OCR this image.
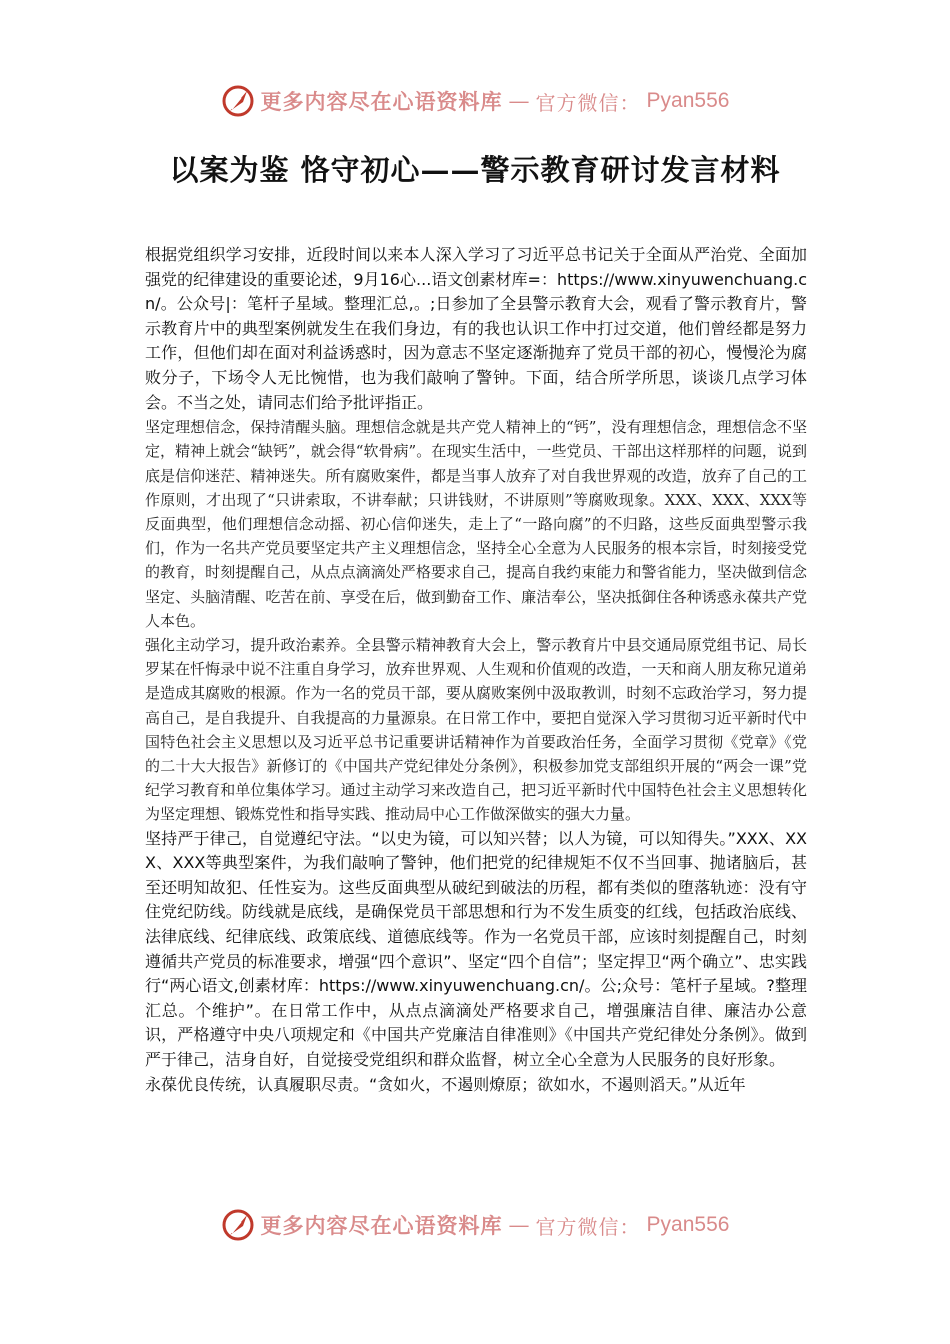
更多内容尽在心语资料库 — 官方微信： Pyan556
以案为鉴 恪守初心——警示教育研讨发言材料

根据党组织学习安排，近段时间以来本人深入学习了习近平总书记关于全面从严治党、全面加强党的纪律建设的重要论述，9月16心...语文创素材库=：https://www.xinyuwenchuang.cn/。公众号|：笔杆子星域。整理汇总,。;日参加了全县警示教育大会，观看了警示教育片，警示教育片中的典型案例就发生在我们身边，有的我也认识工作中打过交道，他们曾经都是努力工作，但他们却在面对利益诱惑时，因为意志不坚定逐渐抛弃了党员干部的初心，慢慢沦为腐败分子，下场令人无比惋惜，也为我们敲响了警钟。下面，结合所学所思，谈谈几点学习体会。不当之处，请同志们给予批评指正。

坚定理想信念，保持清醒头脑。理想信念就是共产党人精神上的“钙”，没有理想信念，理想信念不坚定，精神上就会“缺钙”，就会得“软骨病”。在现实生活中，一些党员、干部出这样那样的问题，说到底是信仰迷茫、精神迷失。所有腐败案件，都是当事人放弃了对自我世界观的改造，放弃了自己的工作原则，才出现了“只讲索取，不讲奉献；只讲钱财，不讲原则”等腐败现象。XXX、XXX、XXX等反面典型，他们理想信念动摇、初心信仰迷失，走上了“一路向腐”的不归路，这些反面典型警示我们，作为一名共产党员要坚定共产主义理想信念，坚持全心全意为人民服务的根本宗旨，时刻接受党的教育，时刻提醒自己，从点点滴滴处严格要求自己，提高自我约束能力和警省能力，坚决做到信念坚定、头脑清醒、吃苦在前、享受在后，做到勤奋工作、廉洁奉公，坚决抵御住各种诱惑永葆共产党人本色。

强化主动学习，提升政治素养。全县警示精神教育大会上，警示教育片中县交通局原党组书记、局长罗某在忏悔录中说不注重自身学习，放弃世界观、人生观和价值观的改造，一天和商人朋友称兄道弟是造成其腐败的根源。作为一名的党员干部，要从腐败案例中汲取教训，时刻不忘政治学习，努力提高自己，是自我提升、自我提高的力量源泉。在日常工作中，要把自觉深入学习贯彻习近平新时代中国特色社会主义思想以及习近平总书记重要讲话精神作为首要政治任务，全面学习贯彻《党章》《党的二十大大报告》新修订的《中国共产党纪律处分条例》，积极参加党支部组织开展的“两会一课”党纪学习教育和单位集体学习。通过主动学习来改造自己，把习近平新时代中国特色社会主义思想转化为坚定理想、锻炼党性和指导实践、推动局中心工作做深做实的强大力量。

坚持严于律己，自觉遵纪守法。“以史为镜，可以知兴替；以人为镜，可以知得失。”XXX、XXX、XXX等典型案件，为我们敲响了警钟，他们把党的纪律规矩不仅不当回事、抛诸脑后，甚至还明知故犯、任性妄为。这些反面典型从破纪到破法的历程，都有类似的堕落轨迹：没有守住党纪防线。防线就是底线，是确保党员干部思想和行为不发生质变的红线，包括政治底线、法律底线、纪律底线、政策底线、道德底线等。作为一名党员干部，应该时刻提醒自己，时刻遵循共产党员的标准要求，增强“四个意识”、坚定“四个自信”；坚定捍卫“两个确立”、忠实践行“两心语文,创素材库：https://www.xinyuwenchuang.cn/。公;众号：笔杆子星域。?整理汇总。个维护”。在日常工作中，从点点滴滴处严格要求自己，增强廉洁自律、廉洁办公意识，严格遵守中央八项规定和《中国共产党廉洁自律准则》《中国共产党纪律处分条例》。做到严于律己，洁身自好，自觉接受党组织和群众监督，树立全心全意为人民服务的良好形象。

永葆优良传统，认真履职尽责。“贪如火，不遏则燎原；欲如水，不遏则滔天。”从近年

更多内容尽在心语资料库 — 官方微信： Pyan556
